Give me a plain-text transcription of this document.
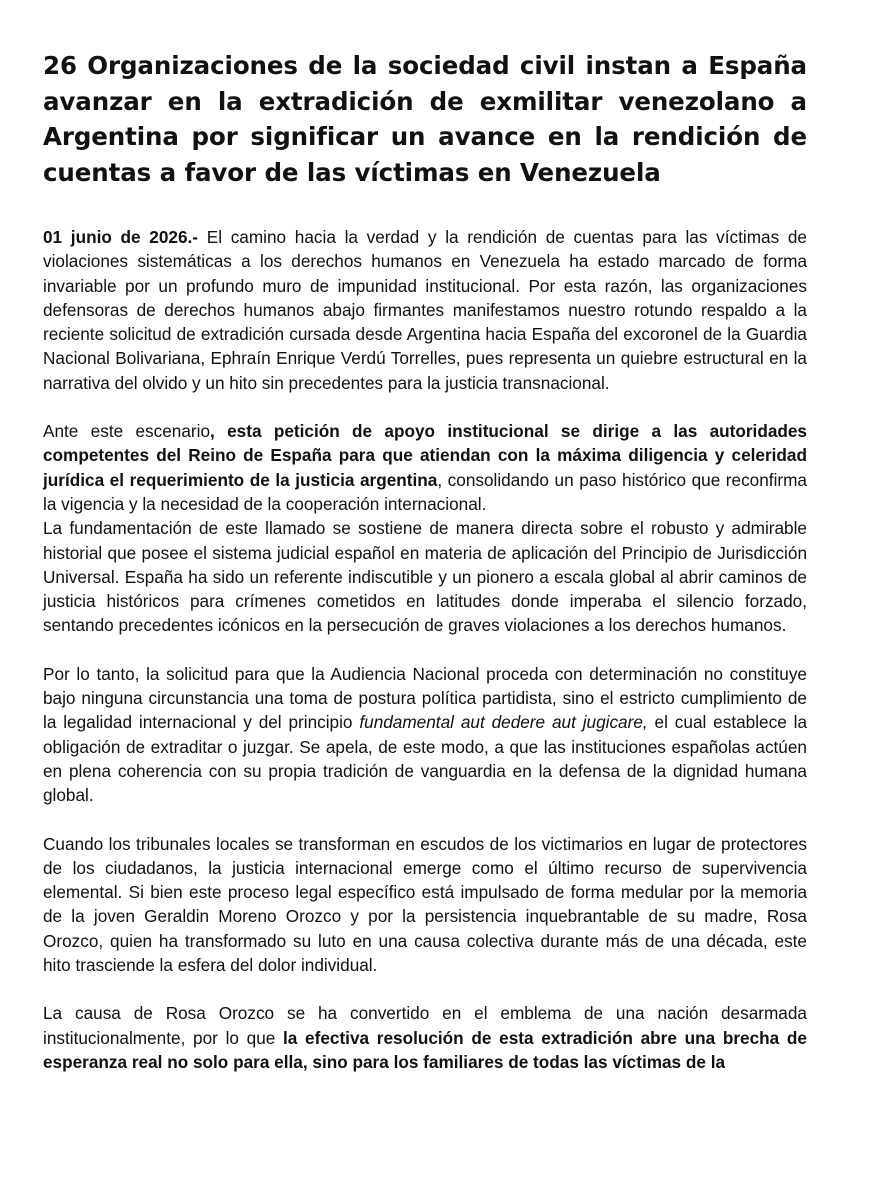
26 Organizaciones de la sociedad civil instan a España avanzar en la extradición de exmilitar venezolano a Argentina por significar un avance en la rendición de cuentas a favor de las víctimas en Venezuela

01 junio de 2026.- El camino hacia la verdad y la rendición de cuentas para las víctimas de violaciones sistemáticas a los derechos humanos en Venezuela ha estado marcado de forma invariable por un profundo muro de impunidad institucional. Por esta razón, las organizaciones defensoras de derechos humanos abajo firmantes manifestamos nuestro rotundo respaldo a la reciente solicitud de extradición cursada desde Argentina hacia España del excoronel de la Guardia Nacional Bolivariana, Ephraín Enrique Verdú Torrelles, pues representa un quiebre estructural en la narrativa del olvido y un hito sin precedentes para la justicia transnacional.

Ante este escenario, esta petición de apoyo institucional se dirige a las autoridades competentes del Reino de España para que atiendan con la máxima diligencia y celeridad jurídica el requerimiento de la justicia argentina, consolidando un paso histórico que reconfirma la vigencia y la necesidad de la cooperación internacional.

La fundamentación de este llamado se sostiene de manera directa sobre el robusto y admirable historial que posee el sistema judicial español en materia de aplicación del Principio de Jurisdicción Universal. España ha sido un referente indiscutible y un pionero a escala global al abrir caminos de justicia históricos para crímenes cometidos en latitudes donde imperaba el silencio forzado, sentando precedentes icónicos en la persecución de graves violaciones a los derechos humanos.

Por lo tanto, la solicitud para que la Audiencia Nacional proceda con determinación no constituye bajo ninguna circunstancia una toma de postura política partidista, sino el estricto cumplimiento de la legalidad internacional y del principio fundamental aut dedere aut jugicare, el cual establece la obligación de extraditar o juzgar. Se apela, de este modo, a que las instituciones españolas actúen en plena coherencia con su propia tradición de vanguardia en la defensa de la dignidad humana global.

Cuando los tribunales locales se transforman en escudos de los victimarios en lugar de protectores de los ciudadanos, la justicia internacional emerge como el último recurso de supervivencia elemental. Si bien este proceso legal específico está impulsado de forma medular por la memoria de la joven Geraldin Moreno Orozco y por la persistencia inquebrantable de su madre, Rosa Orozco, quien ha transformado su luto en una causa colectiva durante más de una década, este hito trasciende la esfera del dolor individual.

La causa de Rosa Orozco se ha convertido en el emblema de una nación desarmada institucionalmente, por lo que la efectiva resolución de esta extradición abre una brecha de esperanza real no solo para ella, sino para los familiares de todas las víctimas de la
